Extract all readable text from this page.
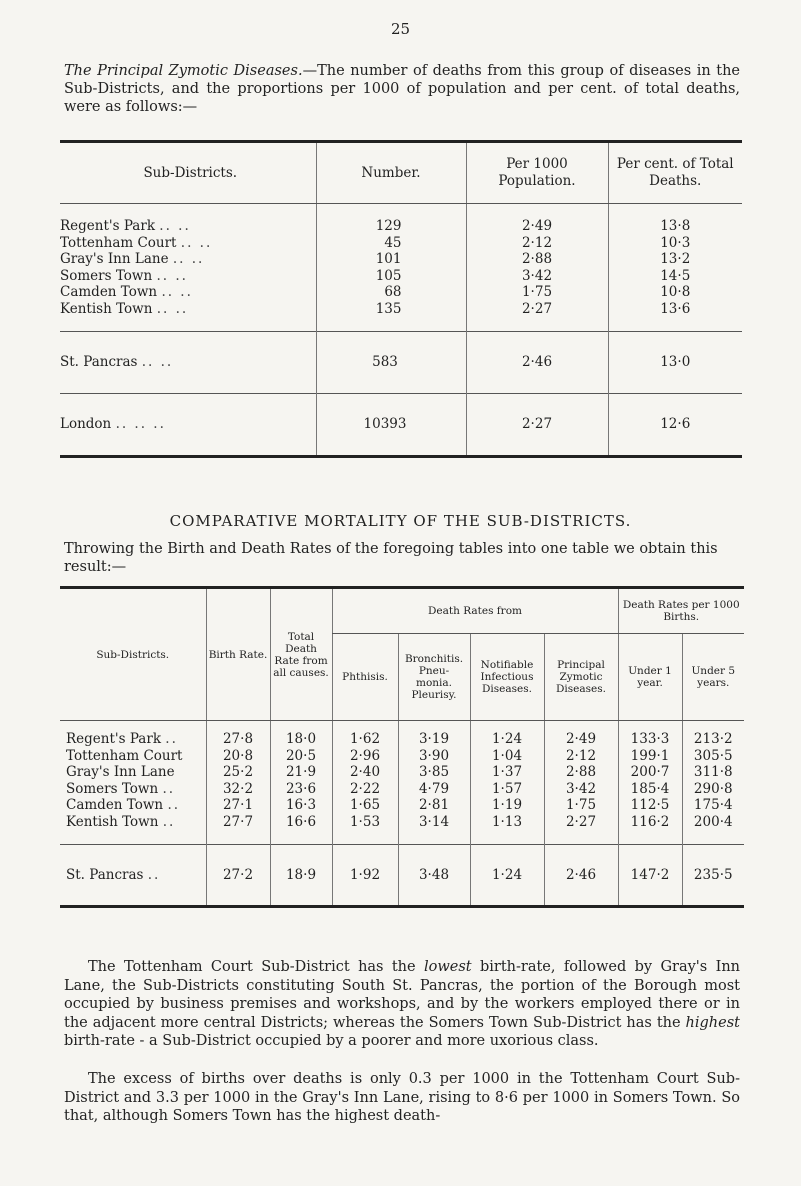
25

The Principal Zymotic Diseases.—The number of deaths from this group of diseases in the Sub-Districts, and the proportions per 1000 of population and per cent. of total deaths, were as follows:—

Sub-Districts.	Number.	Per 1000 Population.	Per cent. of Total Deaths.
Regent's Park .. ..	129	2·49	13·8
Tottenham Court .. ..	45	2·12	10·3
Gray's Inn Lane .. ..	101	2·88	13·2
Somers Town .. ..	105	3·42	14·5
Camden Town .. ..	68	1·75	10·8
Kentish Town .. ..	135	2·27	13·6
St. Pancras .. ..	583	2·46	13·0
London .. .. ..	10393	2·27	12·6
COMPARATIVE MORTALITY OF THE SUB-DISTRICTS.

Throwing the Birth and Death Rates of the foregoing tables into one table we obtain this result:—

Sub-Districts.	Birth Rate.	Total Death Rate from all causes.	Death Rates from				Death Rates per 1000 Births.	
			Phthisis.	Bronchitis. Pneu- monia. Pleurisy.	Notifiable Infectious Diseases.	Principal Zymotic Diseases.	Under 1 year.	Under 5 years.
Regent's Park ..	27·8	18·0	1·62	3·19	1·24	2·49	133·3	213·2
Tottenham Court	20·8	20·5	2·96	3·90	1·04	2·12	199·1	305·5
Gray's Inn Lane	25·2	21·9	2·40	3·85	1·37	2·88	200·7	311·8
Somers Town ..	32·2	23·6	2·22	4·79	1·57	3·42	185·4	290·8
Camden Town ..	27·1	16·3	1·65	2·81	1·19	1·75	112·5	175·4
Kentish Town ..	27·7	16·6	1·53	3·14	1·13	2·27	116·2	200·4
St. Pancras ..	27·2	18·9	1·92	3·48	1·24	2·46	147·2	235·5

The Tottenham Court Sub-District has the lowest birth-rate, followed by Gray's Inn Lane, the Sub-Districts constituting South St. Pancras, the portion of the Borough most occupied by business premises and workshops, and by the workers employed there or in the adjacent more central Districts; whereas the Somers Town Sub-District has the highest birth-rate - a Sub-District occupied by a poorer and more uxorious class.

The excess of births over deaths is only 0.3 per 1000 in the Tottenham Court Sub-District and 3.3 per 1000 in the Gray's Inn Lane, rising to 8·6 per 1000 in Somers Town. So that, although Somers Town has the highest death-
